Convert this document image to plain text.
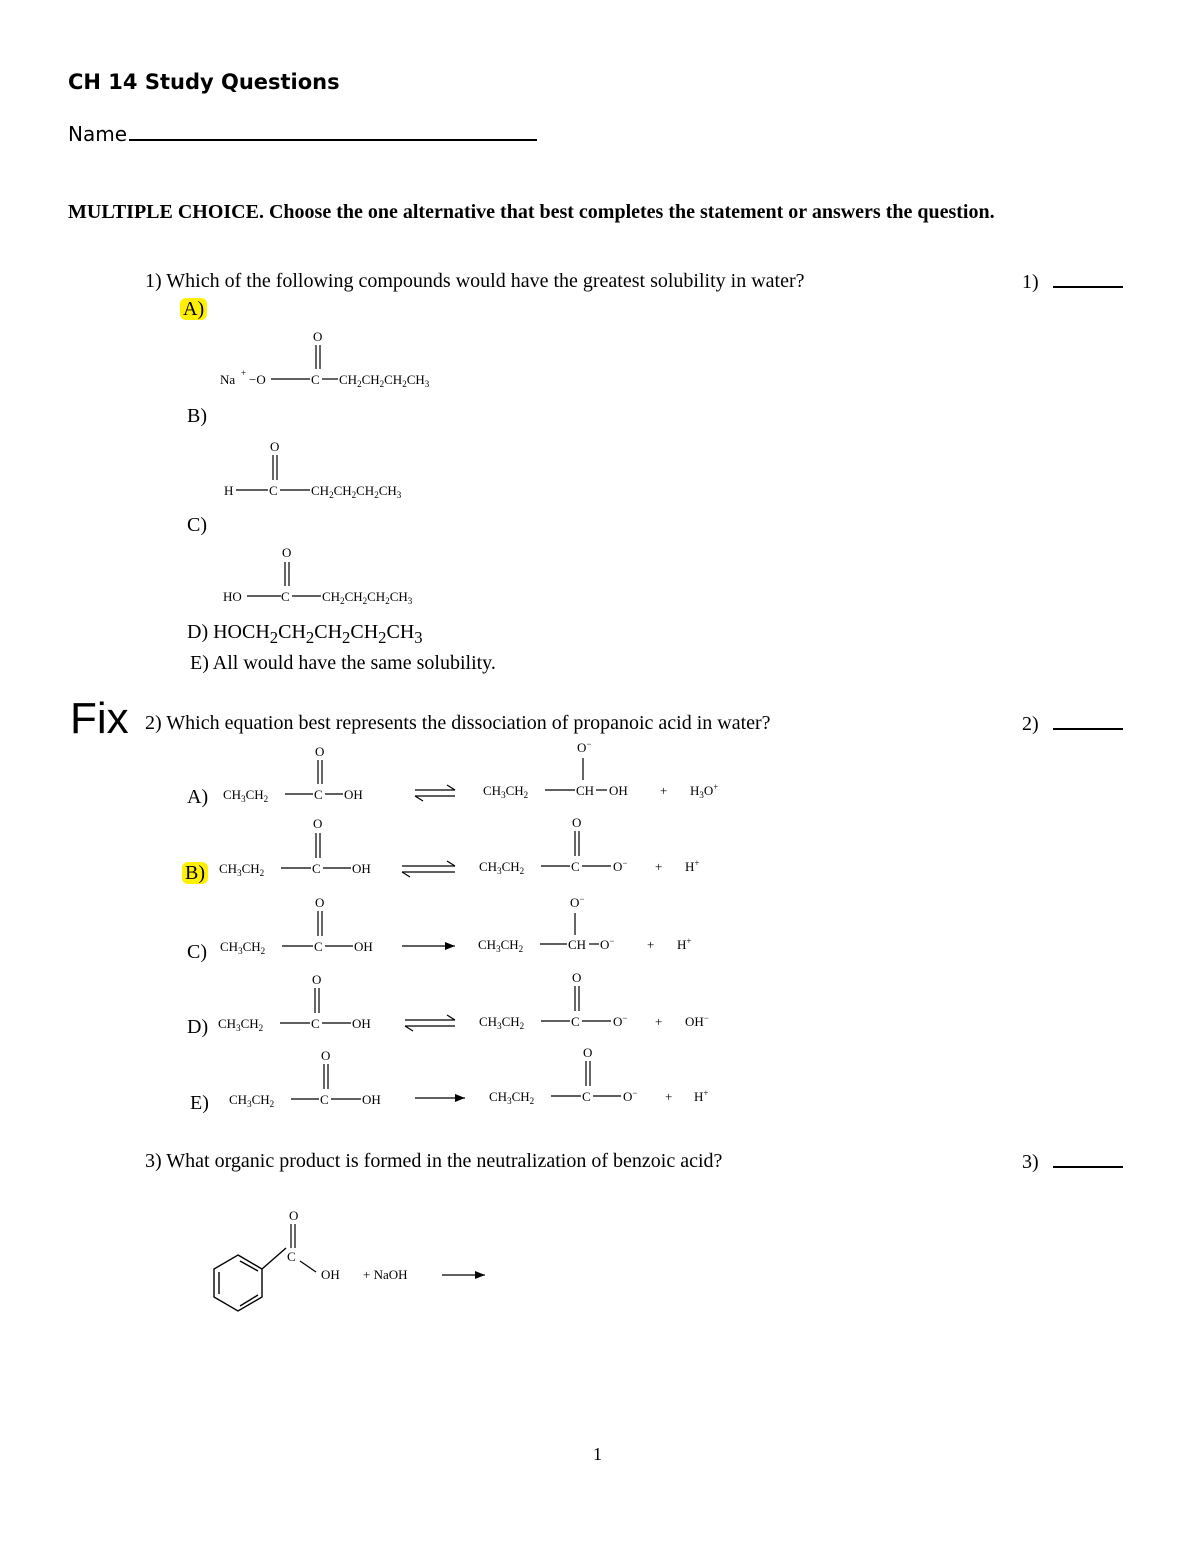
CH 14 Study Questions
Name
MULTIPLE CHOICE. Choose the one alternative that best completes the statement or answers the question.
1) Which of the following compounds would have the greatest solubility in water?	1)
A)
Na + −O	C
O
$CH_2CH_2CH_2CH_3$
B)
H	C
O
$CH_2CH_2CH_2CH_3$
C)
HO	C
O
$CH_2CH_2CH_2CH_3$
D) $HOCH_2CH_2CH_2CH_2CH_3$
E) All would have the same solubility.
Fix 2) Which equation best represents the dissociation of propanoic acid in water?	2)
A) $CH_3CH_2$	C
O
OH	$CH_3CH_2$	CH
O−
OH + $H_3O^+$
B) $CH_3CH_2$	C
O
OH	$CH_3CH_2$	C
O
O− + H+
C) $CH_3CH_2$	C
O
OH	$CH_3CH_2$	CH
O−
O−	+ H+
D) $CH_3CH_2$	C
O
OH	$CH_3CH_2$	C
O
O− + OH−
E) $CH_3CH_2$	C
O
OH	$CH_3CH_2$	C
O
O− + H+
3) What organic product is formed in the neutralization of benzoic acid?	3)
C
O
OH + NaOH
1
